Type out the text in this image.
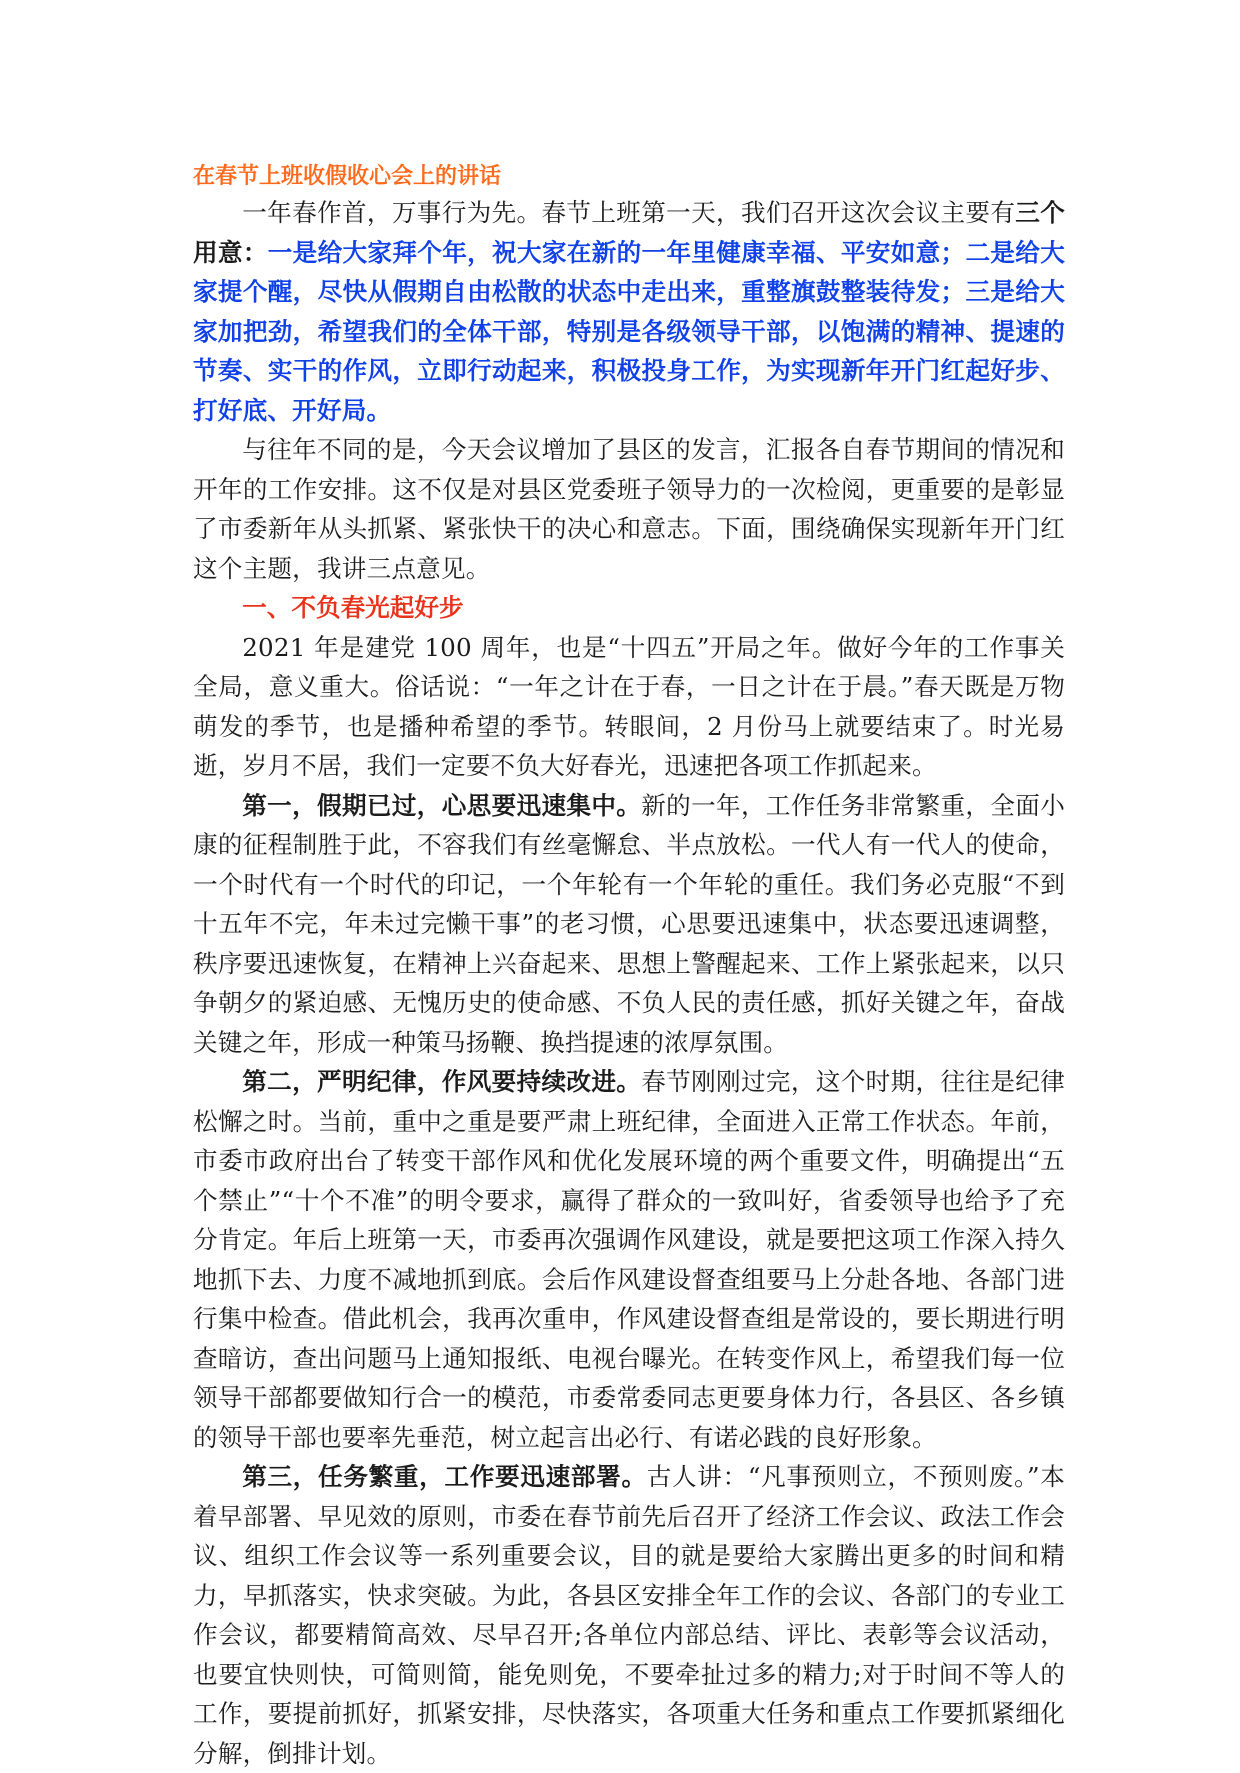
在春节上班收假收心会上的讲话

一年春作首，万事行为先。春节上班第一天，我们召开这次会议主要有三个用意：一是给大家拜个年，祝大家在新的一年里健康幸福、平安如意；二是给大家提个醒，尽快从假期自由松散的状态中走出来，重整旗鼓整装待发；三是给大家加把劲，希望我们的全体干部，特别是各级领导干部，以饱满的精神、提速的节奏、实干的作风，立即行动起来，积极投身工作，为实现新年开门红起好步、打好底、开好局。

与往年不同的是，今天会议增加了县区的发言，汇报各自春节期间的情况和开年的工作安排。这不仅是对县区党委班子领导力的一次检阅，更重要的是彰显了市委新年从头抓紧、紧张快干的决心和意志。下面，围绕确保实现新年开门红这个主题，我讲三点意见。

一、不负春光起好步

2021 年是建党 100 周年，也是“十四五”开局之年。做好今年的工作事关全局，意义重大。俗话说：“一年之计在于春，一日之计在于晨。”春天既是万物萌发的季节，也是播种希望的季节。转眼间，2 月份马上就要结束了。时光易逝，岁月不居，我们一定要不负大好春光，迅速把各项工作抓起来。

第一，假期已过，心思要迅速集中。新的一年，工作任务非常繁重，全面小康的征程制胜于此，不容我们有丝毫懈怠、半点放松。一代人有一代人的使命，一个时代有一个时代的印记，一个年轮有一个年轮的重任。我们务必克服“不到十五年不完，年未过完懒干事”的老习惯，心思要迅速集中，状态要迅速调整，秩序要迅速恢复，在精神上兴奋起来、思想上警醒起来、工作上紧张起来，以只争朝夕的紧迫感、无愧历史的使命感、不负人民的责任感，抓好关键之年，奋战关键之年，形成一种策马扬鞭、换挡提速的浓厚氛围。

第二，严明纪律，作风要持续改进。春节刚刚过完，这个时期，往往是纪律松懈之时。当前，重中之重是要严肃上班纪律，全面进入正常工作状态。年前，市委市政府出台了转变干部作风和优化发展环境的两个重要文件，明确提出“五个禁止”“十个不准”的明令要求，赢得了群众的一致叫好，省委领导也给予了充分肯定。年后上班第一天，市委再次强调作风建设，就是要把这项工作深入持久地抓下去、力度不减地抓到底。会后作风建设督查组要马上分赴各地、各部门进行集中检查。借此机会，我再次重申，作风建设督查组是常设的，要长期进行明查暗访，查出问题马上通知报纸、电视台曝光。在转变作风上，希望我们每一位领导干部都要做知行合一的模范，市委常委同志更要身体力行，各县区、各乡镇的领导干部也要率先垂范，树立起言出必行、有诺必践的良好形象。

第三，任务繁重，工作要迅速部署。古人讲：“凡事预则立，不预则废。”本着早部署、早见效的原则，市委在春节前先后召开了经济工作会议、政法工作会议、组织工作会议等一系列重要会议，目的就是要给大家腾出更多的时间和精力，早抓落实，快求突破。为此，各县区安排全年工作的会议、各部门的专业工作会议，都要精简高效、尽早召开;各单位内部总结、评比、表彰等会议活动，也要宜快则快，可简则简，能免则免，不要牵扯过多的精力;对于时间不等人的工作，要提前抓好，抓紧安排，尽快落实，各项重大任务和重点工作要抓紧细化分解，倒排计划。
